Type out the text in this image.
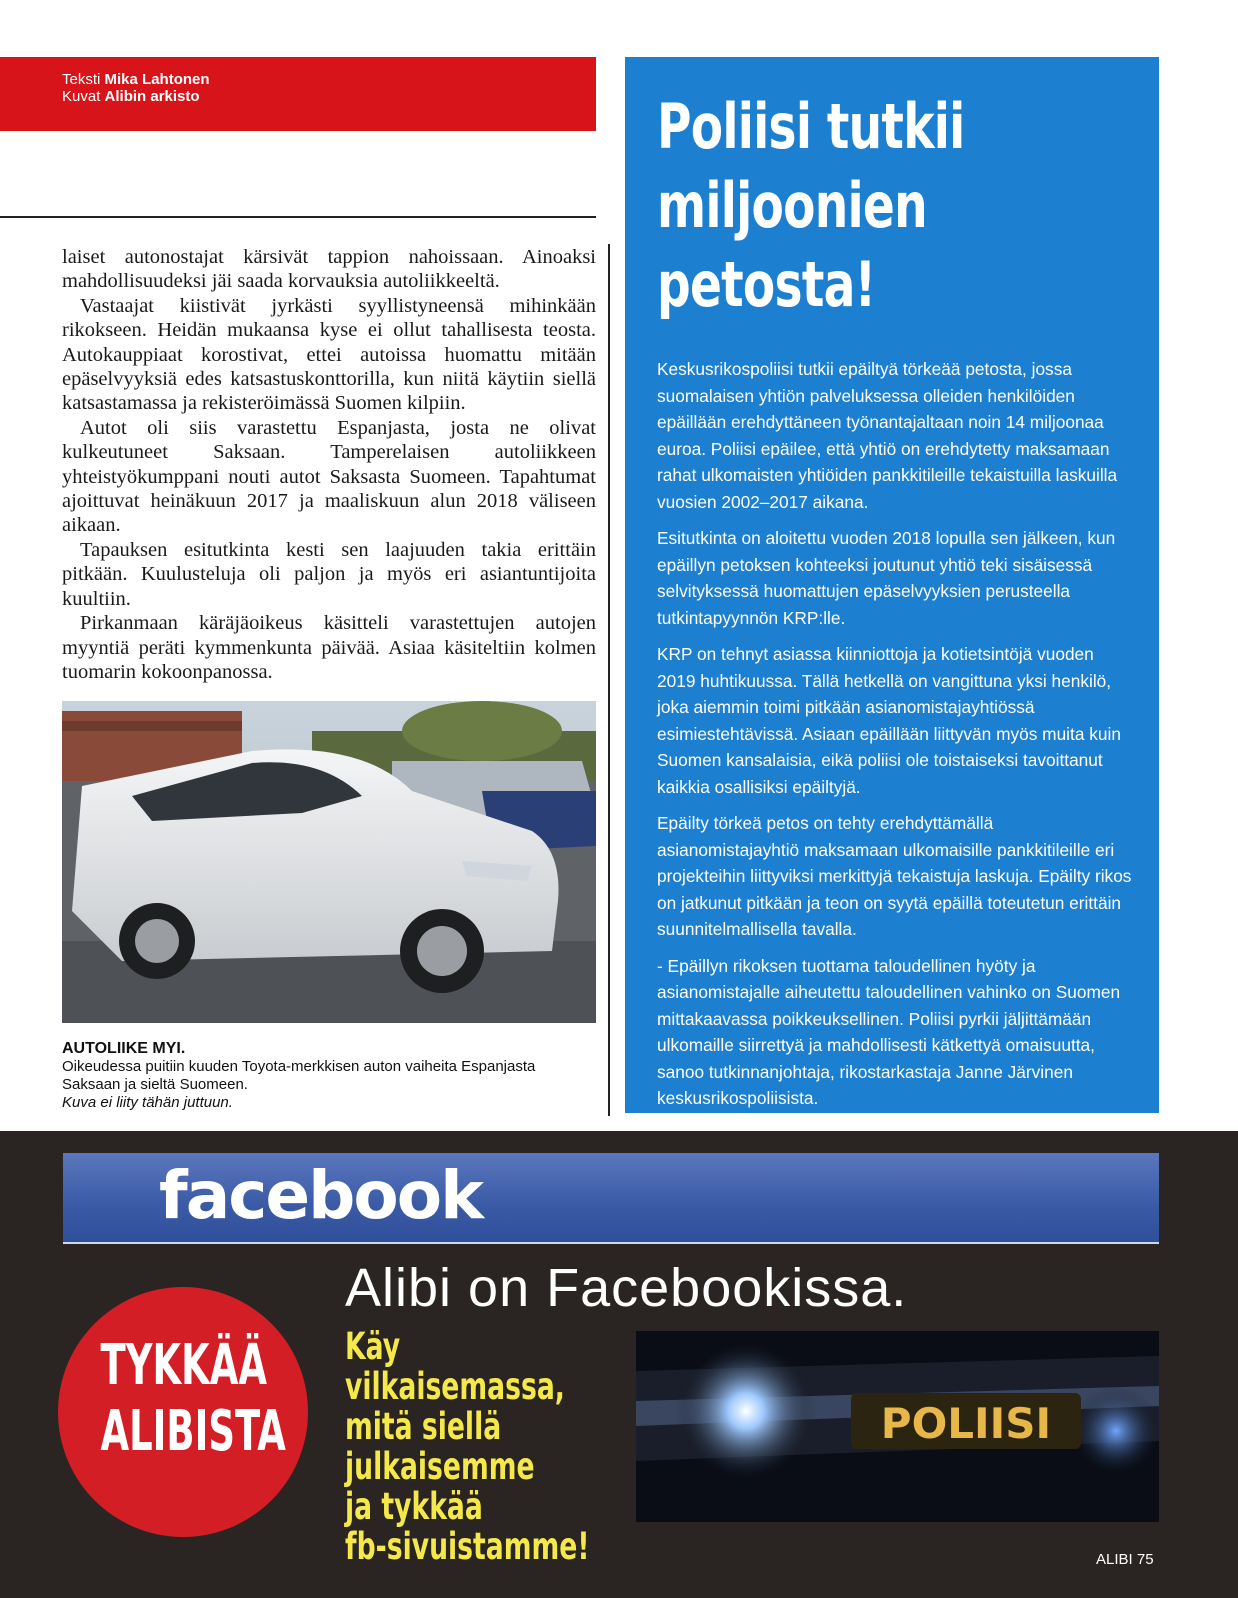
Teksti Mika Lahtonen
Kuvat Alibin arkisto

laiset autonostajat kärsivät tappion nahoissaan. Ainoaksi mahdollisuudeksi jäi saada korvauksia autoliikkeeltä.

Vastaajat kiistivät jyrkästi syyllistyneensä mihinkään rikokseen. Heidän mukaansa kyse ei ollut tahallisesta teosta. Autokauppiaat korostivat, ettei autoissa huomattu mitään epäselvyyksiä edes katsastuskonttorilla, kun niitä käytiin siellä katsastamassa ja rekisteröimässä Suomen kilpiin.

Autot oli siis varastettu Espanjasta, josta ne olivat kulkeutuneet Saksaan. Tamperelaisen autoliikkeen yhteistyökumppani nouti autot Saksasta Suomeen. Tapahtumat ajoittuvat heinäkuun 2017 ja maaliskuun alun 2018 väliseen aikaan.

Tapauksen esitutkinta kesti sen laajuuden takia erittäin pitkään. Kuulusteluja oli paljon ja myös eri asiantuntijoita kuultiin.

Pirkanmaan käräjäoikeus käsitteli varastettujen autojen myyntiä peräti kymmenkunta päivää. Asiaa käsiteltiin kolmen tuomarin kokoonpanossa.

AUTOLIIKE MYI.
Oikeudessa puitiin kuuden Toyota-merkkisen auton vaiheita Espanjasta Saksaan ja sieltä Suomeen.
Kuva ei liity tähän juttuun.
Poliisi tutkii
miljoonien petosta!

Keskusrikospoliisi tutkii epäiltyä törkeää petosta, jossa suomalaisen yhtiön palveluksessa olleiden henkilöiden epäillään erehdyttäneen työnantajaltaan noin 14 miljoonaa euroa. Poliisi epäilee, että yhtiö on erehdytetty maksamaan rahat ulkomaisten yhtiöiden pankkitileille tekaistuilla laskuilla vuosien 2002–2017 aikana.

Esitutkinta on aloitettu vuoden 2018 lopulla sen jälkeen, kun epäillyn petoksen kohteeksi joutunut yhtiö teki sisäisessä selvityksessä huomattujen epäselvyyksien perusteella tutkintapyynnön KRP:lle.

KRP on tehnyt asiassa kiinniottoja ja kotietsintöjä vuoden 2019 huhtikuussa. Tällä hetkellä on vangittuna yksi henkilö, joka aiemmin toimi pitkään asianomistajayhtiössä esimiestehtävissä. Asiaan epäillään liittyvän myös muita kuin Suomen kansalaisia, eikä poliisi ole toistaiseksi tavoittanut kaikkia osallisiksi epäiltyjä.

Epäilty törkeä petos on tehty erehdyttämällä asianomistajayhtiö maksamaan ulkomaisille pankkitileille eri projekteihin liittyviksi merkittyjä tekaistuja laskuja. Epäilty rikos on jatkunut pitkään ja teon on syytä epäillä toteutetun erittäin suunnitelmallisella tavalla.

- Epäillyn rikoksen tuottama taloudellinen hyöty ja asianomistajalle aiheutettu taloudellinen vahinko on Suomen mittakaavassa poikkeuksellinen. Poliisi pyrkii jäljittämään ulkomaille siirrettyä ja mahdollisesti kätkettyä omaisuutta, sanoo tutkinnanjohtaja, rikostarkastaja Janne Järvinen keskusrikospoliisista.

facebook
Alibi on Facebookissa.
TYKKÄÄ
ALIBISTA
Käy vilkaisemassa,
mitä siellä
julkaisemme
ja tykkää
fb-sivuistamme!
POLIISI
ALIBI 75
